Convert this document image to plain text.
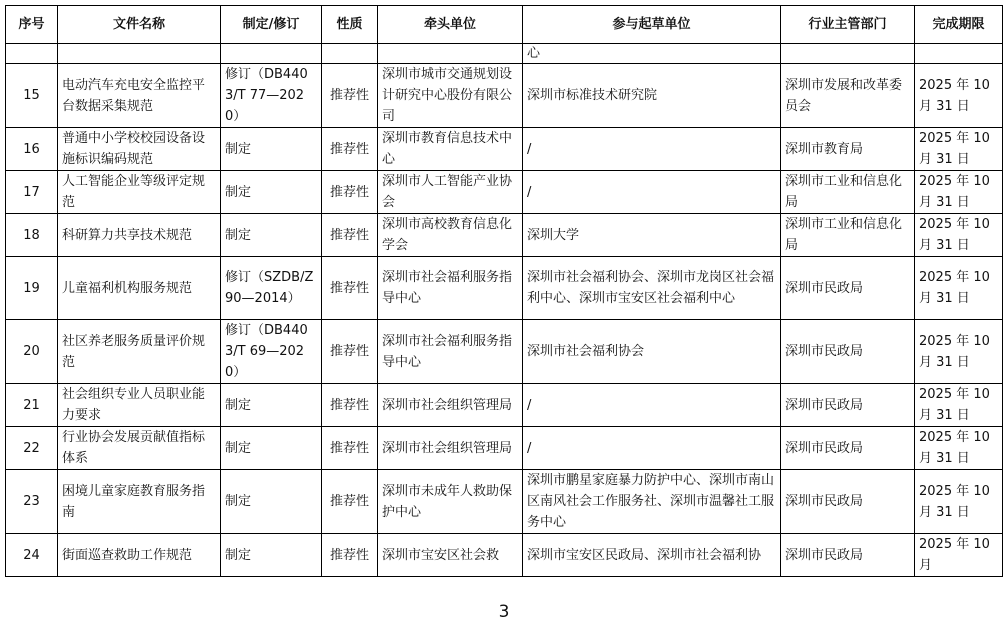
序号	文件名称	制定/修订	性质	牵头单位	参与起草单位	行业主管部门	完成期限
					心		
15	电动汽车充电安全监控平台数据采集规范	修订（DB4403/T 77—2020）	推荐性	深圳市城市交通规划设计研究中心股份有限公司	深圳市标准技术研究院	深圳市发展和改革委员会	2025 年 10 月 31 日
16	普通中小学校校园设备设施标识编码规范	制定	推荐性	深圳市教育信息技术中心	/	深圳市教育局	2025 年 10 月 31 日
17	人工智能企业等级评定规范	制定	推荐性	深圳市人工智能产业协会	/	深圳市工业和信息化局	2025 年 10 月 31 日
18	科研算力共享技术规范	制定	推荐性	深圳市高校教育信息化学会	深圳大学	深圳市工业和信息化局	2025 年 10 月 31 日
19	儿童福利机构服务规范	修订（SZDB/Z 90—2014）	推荐性	深圳市社会福利服务指导中心	深圳市社会福利协会、深圳市龙岗区社会福利中心、深圳市宝安区社会福利中心	深圳市民政局	2025 年 10 月 31 日
20	社区养老服务质量评价规范	修订（DB4403/T 69—2020）	推荐性	深圳市社会福利服务指导中心	深圳市社会福利协会	深圳市民政局	2025 年 10 月 31 日
21	社会组织专业人员职业能力要求	制定	推荐性	深圳市社会组织管理局	/	深圳市民政局	2025 年 10 月 31 日
22	行业协会发展贡献值指标体系	制定	推荐性	深圳市社会组织管理局	/	深圳市民政局	2025 年 10 月 31 日
23	困境儿童家庭教育服务指南	制定	推荐性	深圳市未成年人救助保护中心	深圳市鹏星家庭暴力防护中心、深圳市南山区南风社会工作服务社、深圳市温馨社工服务中心	深圳市民政局	2025 年 10 月 31 日
24	街面巡查救助工作规范	制定	推荐性	深圳市宝安区社会救	深圳市宝安区民政局、深圳市社会福利协	深圳市民政局	2025 年 10 月
3
